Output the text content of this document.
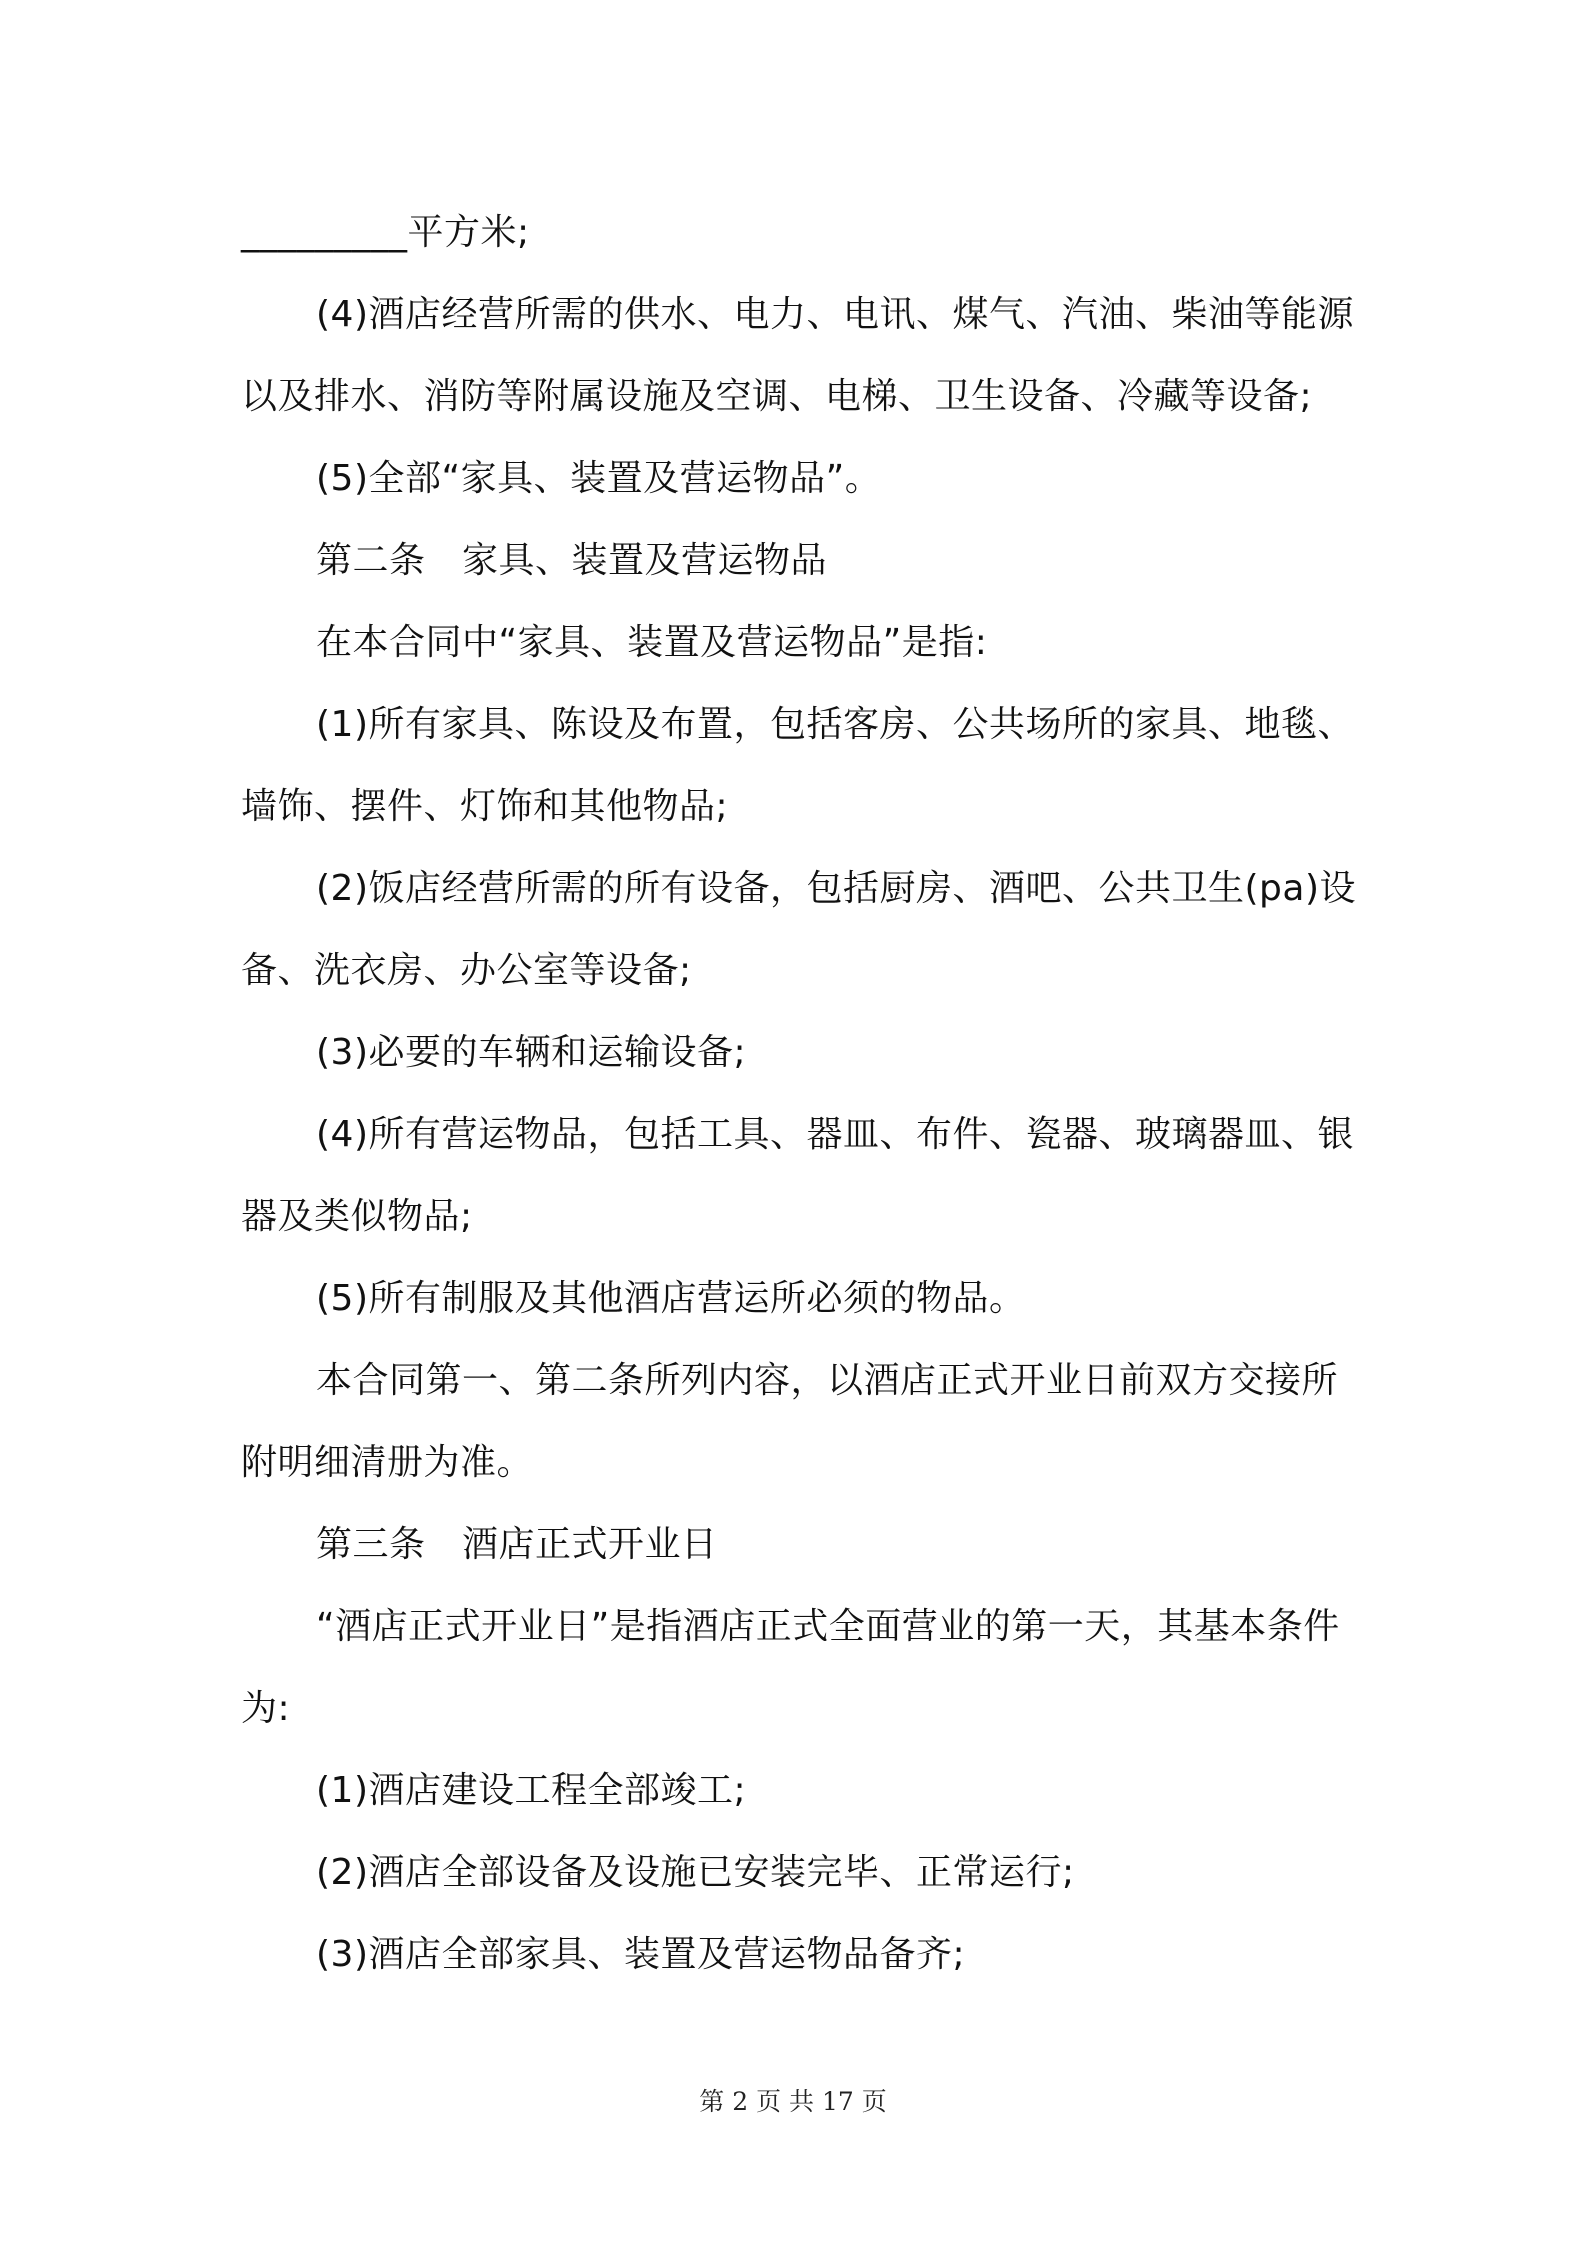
_________平方米;

(4)酒店经营所需的供水、电力、电讯、煤气、汽油、柴油等能源以及排水、消防等附属设施及空调、电梯、卫生设备、冷藏等设备;

(5)全部“家具、装置及营运物品”。

第二条　家具、装置及营运物品

在本合同中“家具、装置及营运物品”是指:

(1)所有家具、陈设及布置，包括客房、公共场所的家具、地毯、墙饰、摆件、灯饰和其他物品;

(2)饭店经营所需的所有设备，包括厨房、酒吧、公共卫生(pa)设备、洗衣房、办公室等设备;

(3)必要的车辆和运输设备;

(4)所有营运物品，包括工具、器皿、布件、瓷器、玻璃器皿、银器及类似物品;

(5)所有制服及其他酒店营运所必须的物品。

本合同第一、第二条所列内容，以酒店正式开业日前双方交接所附明细清册为准。

第三条　酒店正式开业日

“酒店正式开业日”是指酒店正式全面营业的第一天，其基本条件为:

(1)酒店建设工程全部竣工;

(2)酒店全部设备及设施已安装完毕、正常运行;

(3)酒店全部家具、装置及营运物品备齐;

第 2 页 共 17 页
